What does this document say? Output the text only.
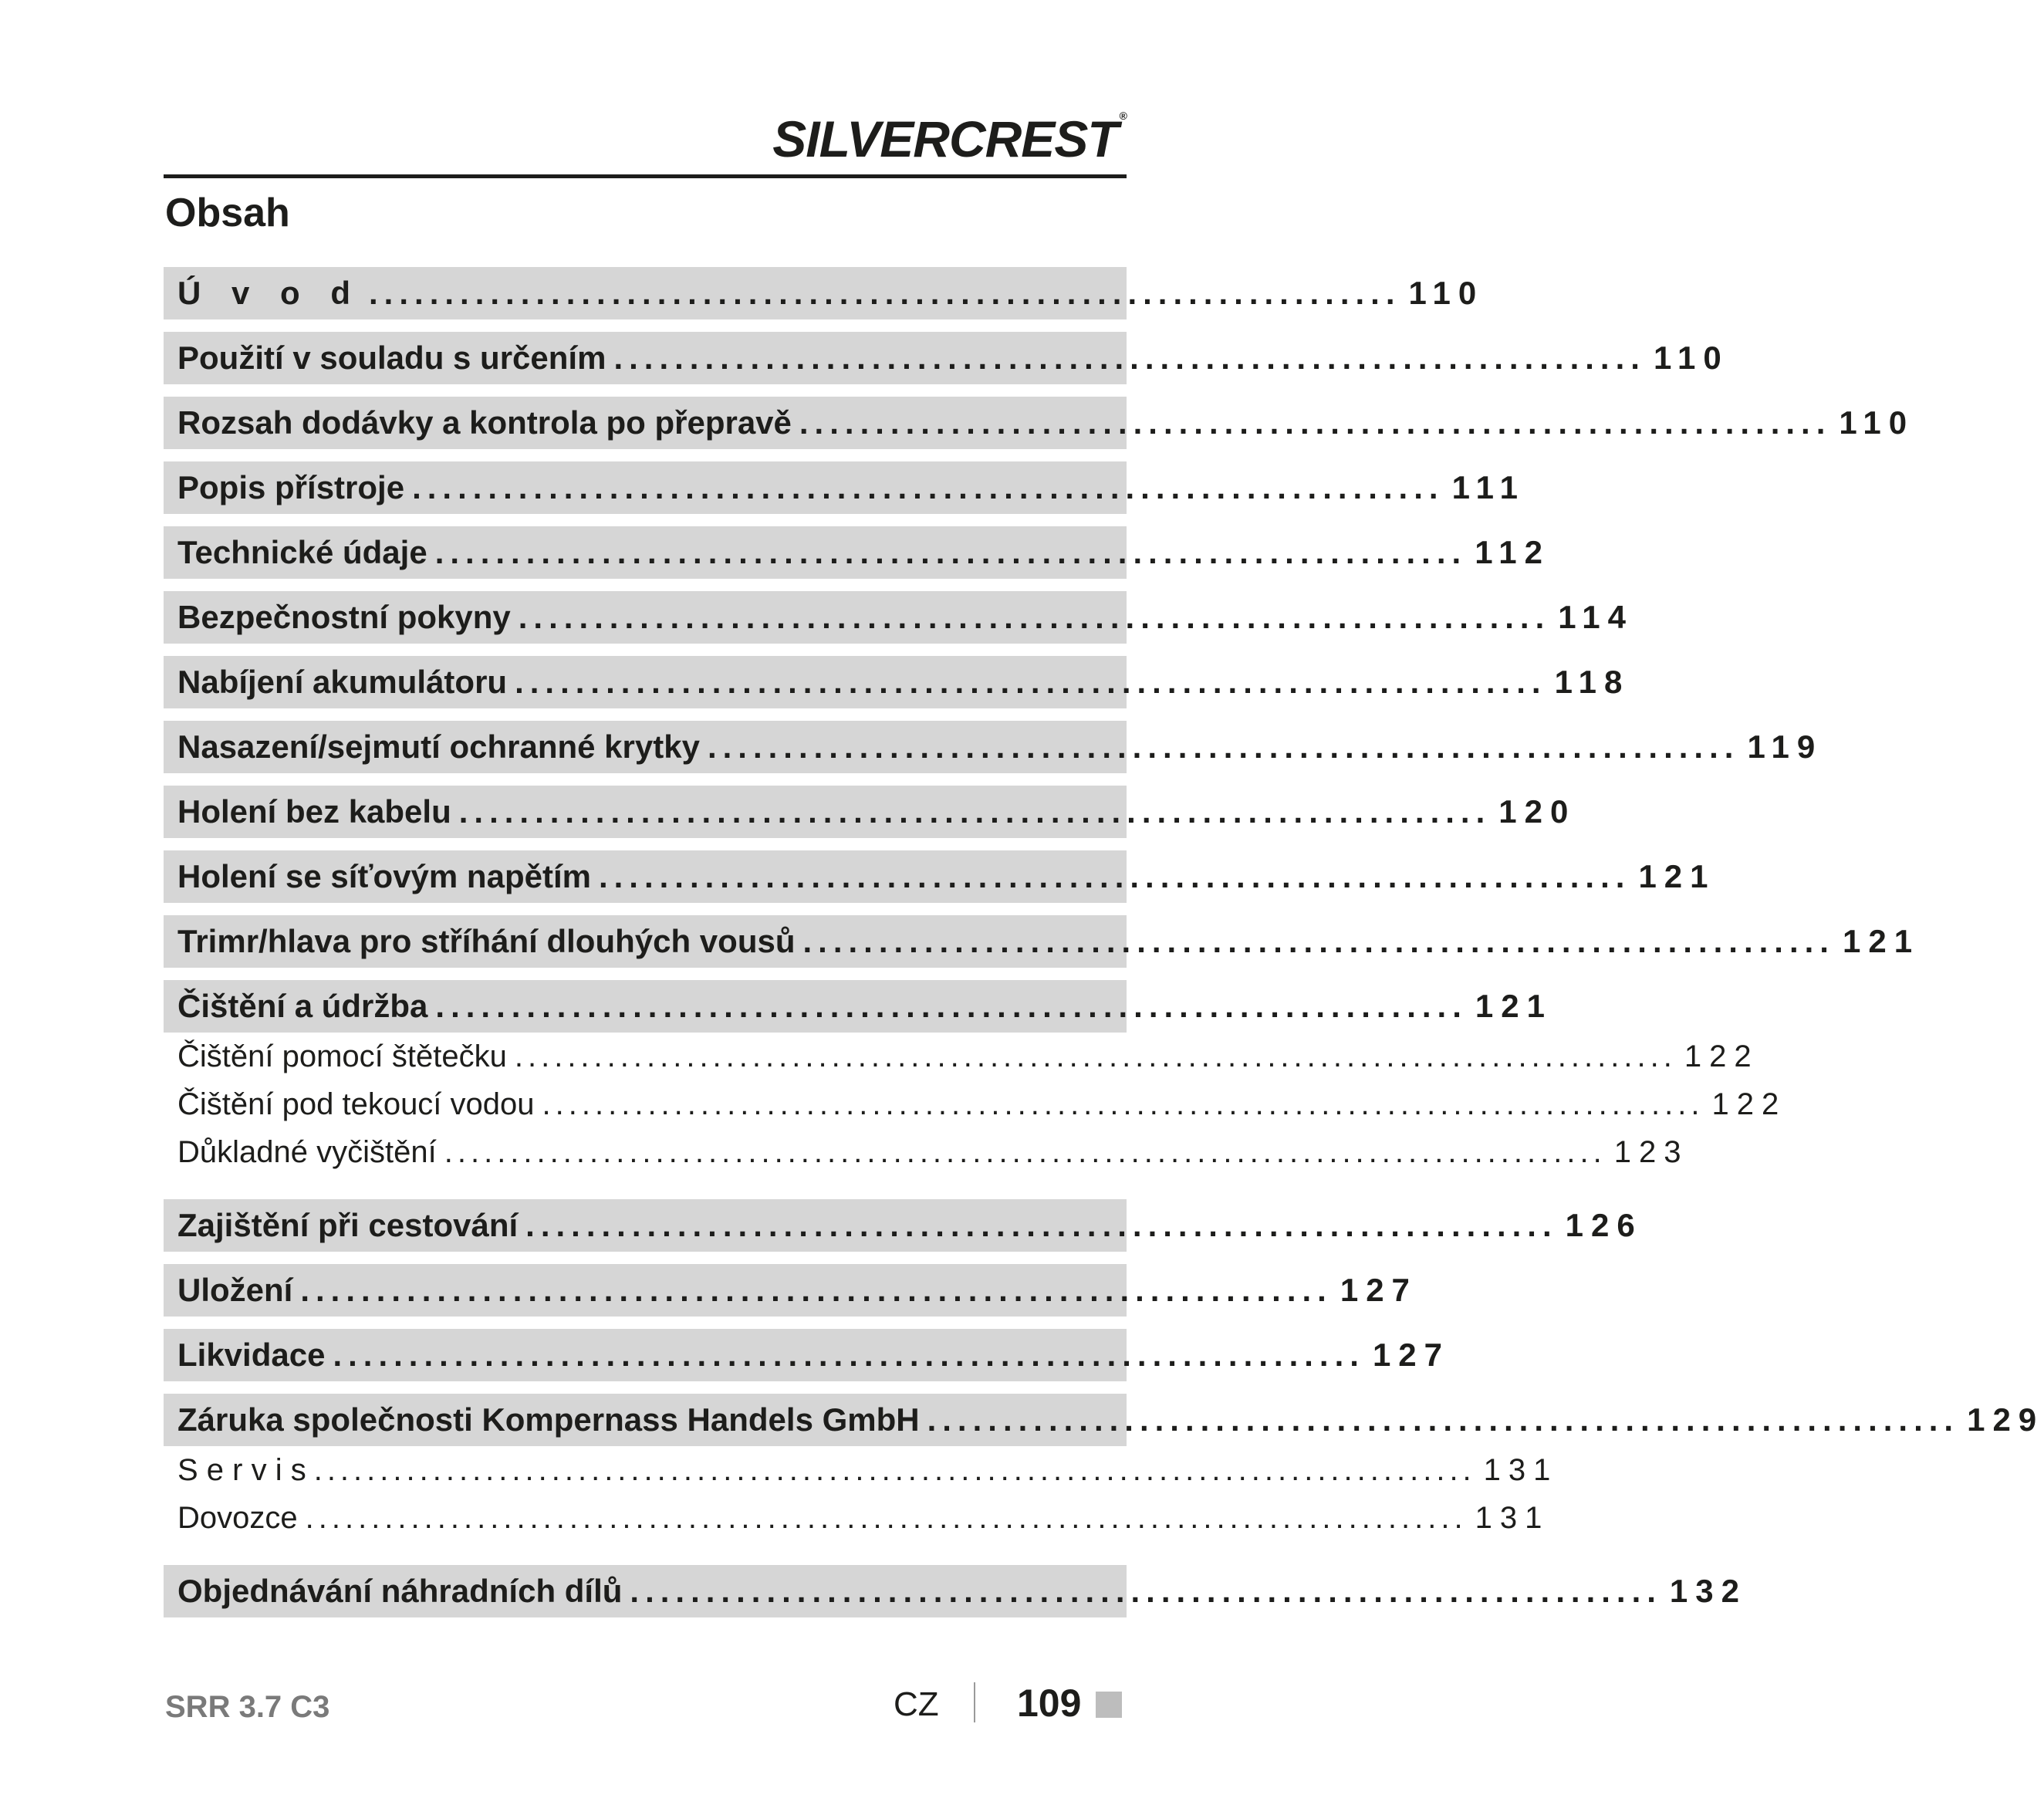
SILVERCREST ®
Obsah
Ú v o d .................................................................... 110
Použití v souladu s určením .................................................................... 110
Rozsah dodávky a kontrola po přepravě .................................................................... 110
Popis přístroje .................................................................... 111
Technické údaje .................................................................... 112
Bezpečnostní pokyny .................................................................... 114
Nabíjení akumulátoru .................................................................... 118
Nasazení/sejmutí ochranné krytky .................................................................... 119
Holení bez kabelu .................................................................... 120
Holení se síťovým napětím .................................................................... 121
Trimr/hlava pro stříhání dlouhých vousů .................................................................... 121
Čištění a údržba .................................................................... 121
Čištění pomocí štětečku ........................................................................................ 122
Čištění pod tekoucí vodou ........................................................................................ 122
Důkladné vyčištění ........................................................................................ 123
Zajištění při cestování .................................................................... 126
Uložení .................................................................... 127
Likvidace .................................................................... 127
Záruka společnosti Kompernass Handels GmbH .................................................................... 129
S e r v i s ........................................................................................ 131
Dovozce ........................................................................................ 131
Objednávání náhradních dílů .................................................................... 132
SRR 3.7 C3	CZ 109
